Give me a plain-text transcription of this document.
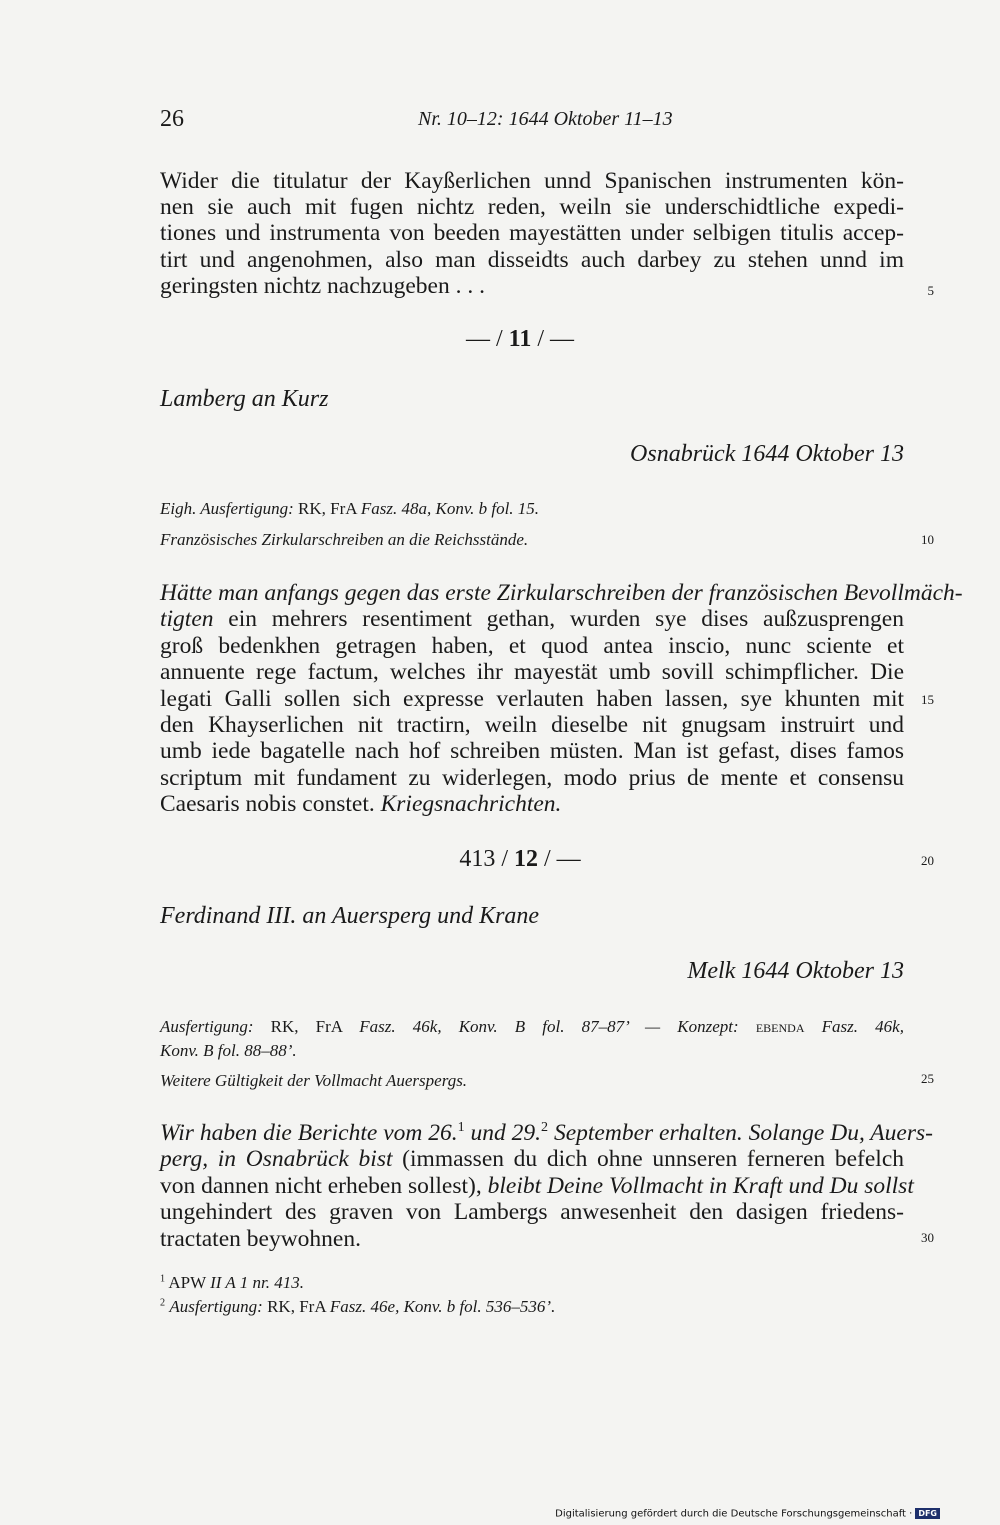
26	Nr. 10–12: 1644 Oktober 11–13
Wider die titulatur der Kayßerlichen unnd Spanischen instrumenten kön-
nen sie auch mit fugen nichtz reden, weiln sie underschidtliche expedi-
tiones und instrumenta von beeden mayestätten under selbigen titulis accep-
tirt und angenohmen, also man disseidts auch darbey zu stehen unnd im
geringsten nichtz nachzugeben . . .
— / 11 / —
Lamberg an Kurz
Osnabrück 1644 Oktober 13
Eigh. Ausfertigung: RK, FrA Fasz. 48a, Konv. b fol. 15.
Französisches Zirkularschreiben an die Reichsstände.
Hätte man anfangs gegen das erste Zirkularschreiben der französischen Bevollmäch-
tigten ein mehrers resentiment gethan, wurden sye dises außzusprengen
groß bedenkhen getragen haben, et quod antea inscio, nunc sciente et
annuente rege factum, welches ihr mayestät umb sovill schimpflicher. Die
legati Galli sollen sich expresse verlauten haben lassen, sye khunten mit
den Khayserlichen nit tractirn, weiln dieselbe nit gnugsam instruirt und
umb iede bagatelle nach hof schreiben müsten. Man ist gefast, dises famos
scriptum mit fundament zu widerlegen, modo prius de mente et consensu
Caesaris nobis constet. Kriegsnachrichten.
413 / 12 / —
Ferdinand III. an Auersperg und Krane
Melk 1644 Oktober 13
Ausfertigung: RK, FrA Fasz. 46k, Konv. B fol. 87–87’ — Konzept: ebenda Fasz. 46k,
Konv. B fol. 88–88’.
Weitere Gültigkeit der Vollmacht Auerspergs.
Wir haben die Berichte vom 26.$^1$ und 29.$^2$ September erhalten. Solange Du, Auers-
perg, in Osnabrück bist (immassen du dich ohne unnseren ferneren befelch
von dannen nicht erheben sollest), bleibt Deine Vollmacht in Kraft und Du sollst
ungehindert des graven von Lambergs anwesenheit den dasigen friedens-
tractaten beywohnen.
$^1$ APW II A 1 nr. 413.
$^2$ Ausfertigung: RK, FrA Fasz. 46e, Konv. b fol. 536–536’.
5
10
15
20
25
30
Digitalisierung gefördert durch die Deutsche Forschungsgemeinschaft · DFG
